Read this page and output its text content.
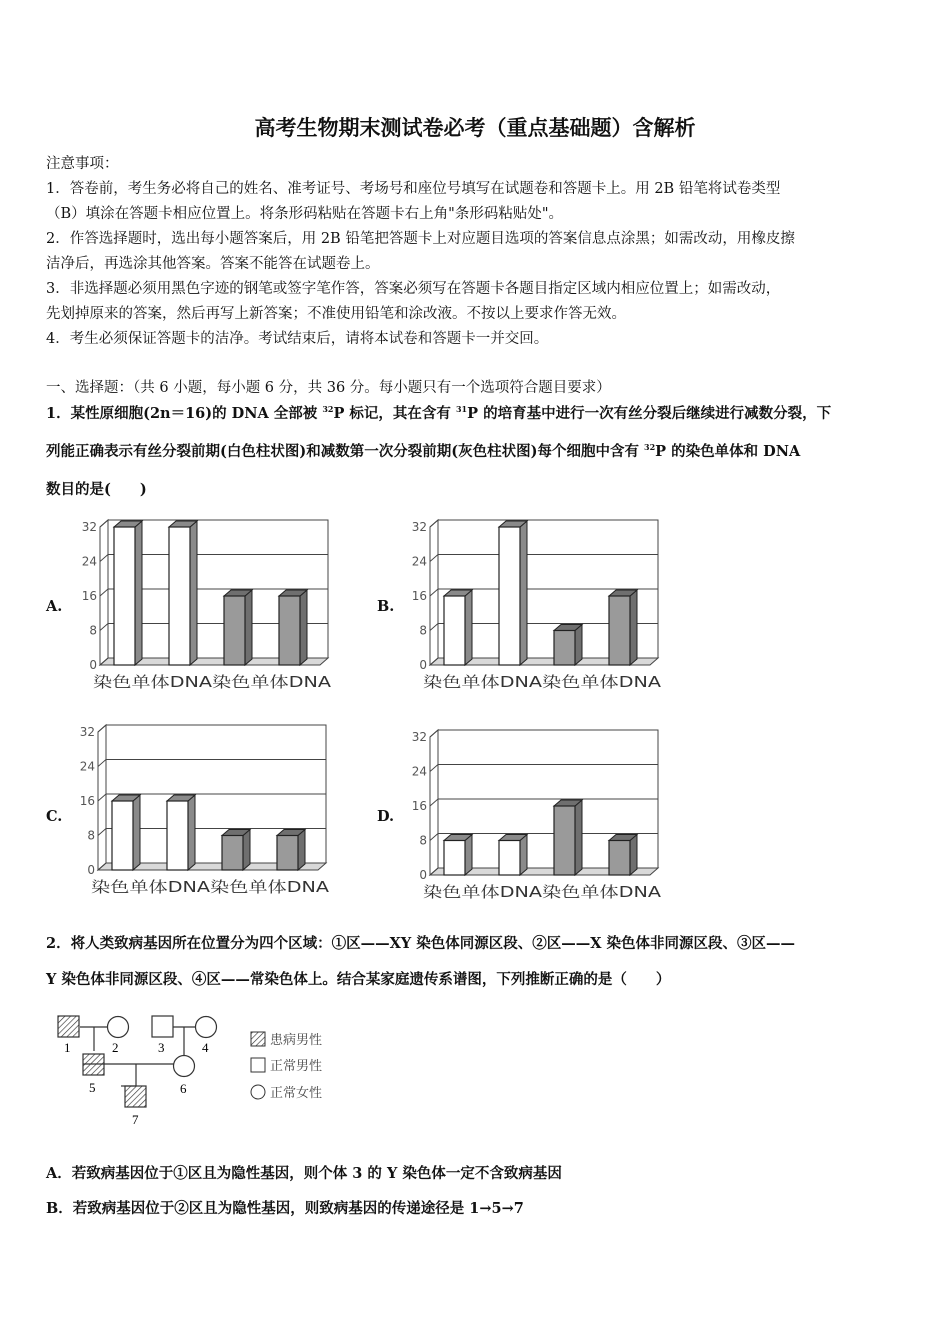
高考生物期末测试卷必考（重点基础题）含解析
注意事项：
1．答卷前，考生务必将自己的姓名、准考证号、考场号和座位号填写在试题卷和答题卡上。用 2B 铅笔将试卷类型
（B）填涂在答题卡相应位置上。将条形码粘贴在答题卡右上角"条形码粘贴处"。
2．作答选择题时，选出每小题答案后，用 2B 铅笔把答题卡上对应题目选项的答案信息点涂黑；如需改动，用橡皮擦
洁净后，再选涂其他答案。答案不能答在试题卷上。
3．非选择题必须用黑色字迹的钢笔或签字笔作答，答案必须写在答题卡各题目指定区域内相应位置上；如需改动，
先划掉原来的答案，然后再写上新答案；不准使用铅笔和涂改液。不按以上要求作答无效。
4．考生必须保证答题卡的洁净。考试结束后，请将本试卷和答题卡一并交回。
一、选择题：（共 6 小题，每小题 6 分，共 36 分。每小题只有一个选项符合题目要求）
1．某性原细胞(2n＝16)的 DNA 全部被 $^{32}$P 标记，其在含有 $^{31}$P 的培育基中进行一次有丝分裂后继续进行减数分裂，下
列能正确表示有丝分裂前期(白色柱状图)和减数第一次分裂前期(灰色柱状图)每个细胞中含有 $^{32}$P 的染色单体和 DNA
数目的是(　　)
A.
0
8
16
24
32
染色单体DNA染色单体DNA
B.
0
8
16
24
32
染色单体DNA染色单体DNA
C.
0
8
16
24
32
染色单体DNA染色单体DNA
D.
0
8
16
24
32
染色单体DNA染色单体DNA
2．将人类致病基因所在位置分为四个区域：①区——XY 染色体同源区段、②区——X 染色体非同源区段、③区——
Y 染色体非同源区段、④区——常染色体上。结合某家庭遗传系谱图，下列推断正确的是（　　）
1	2	3	4
5	6
7
患病男性
正常男性
正常女性
A．若致病基因位于①区且为隐性基因，则个体 3 的 Y 染色体一定不含致病基因
B．若致病基因位于②区且为隐性基因，则致病基因的传递途径是 1→5→7
